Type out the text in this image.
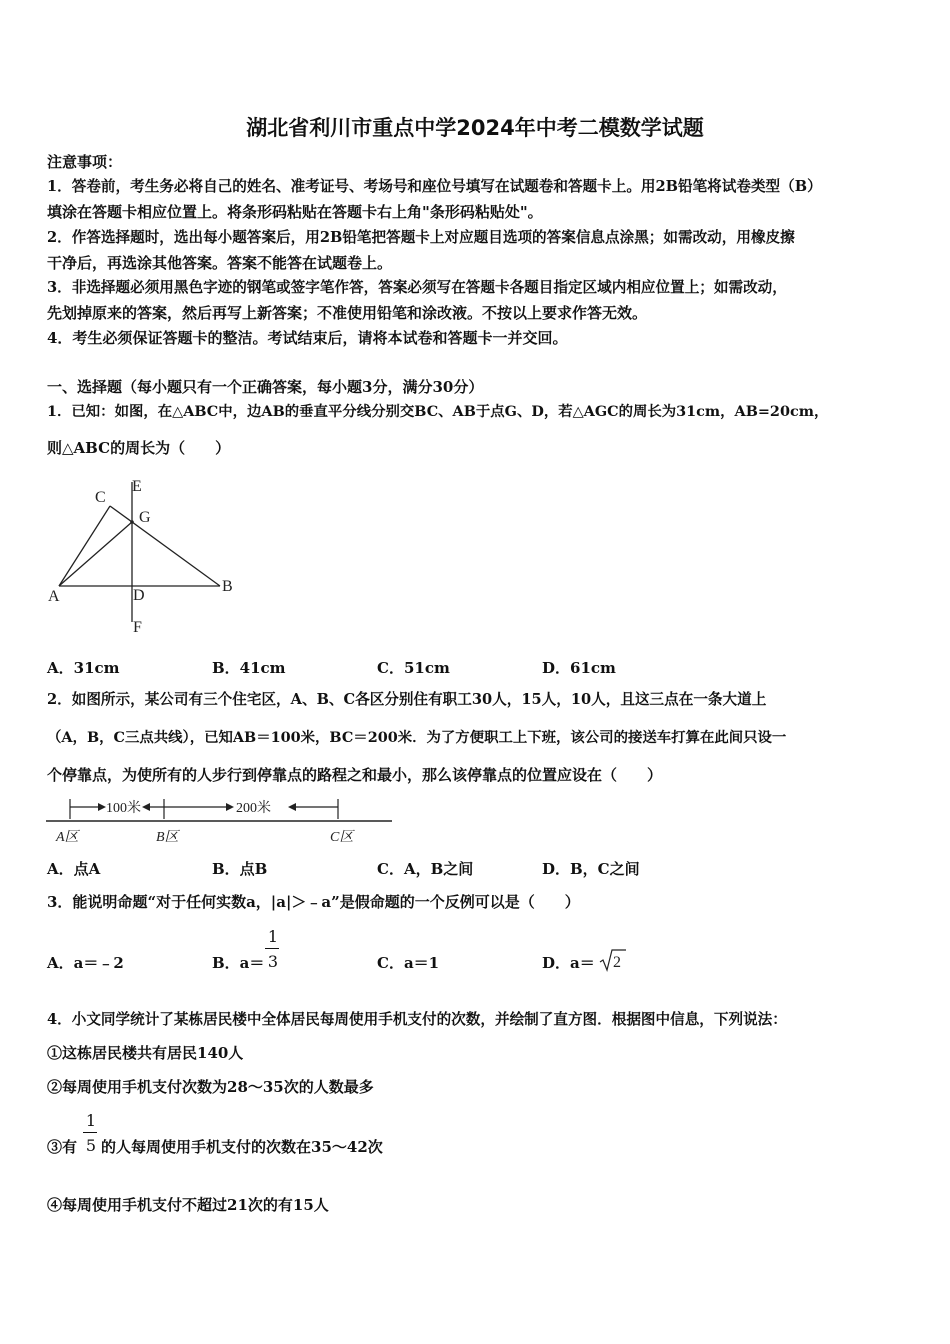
湖北省利川市重点中学2024年中考二模数学试题
注意事项：
1．答卷前，考生务必将自己的姓名、准考证号、考场号和座位号填写在试题卷和答题卡上。用2B铅笔将试卷类型（B）
填涂在答题卡相应位置上。将条形码粘贴在答题卡右上角"条形码粘贴处"。
2．作答选择题时，选出每小题答案后，用2B铅笔把答题卡上对应题目选项的答案信息点涂黑；如需改动，用橡皮擦
干净后，再选涂其他答案。答案不能答在试题卷上。
3．非选择题必须用黑色字迹的钢笔或签字笔作答，答案必须写在答题卡各题目指定区域内相应位置上；如需改动，
先划掉原来的答案，然后再写上新答案；不准使用铅笔和涂改液。不按以上要求作答无效。
4．考生必须保证答题卡的整洁。考试结束后，请将本试卷和答题卡一并交回。
一、选择题（每小题只有一个正确答案，每小题3分，满分30分）
1．已知：如图，在△ABC中，边AB的垂直平分线分别交BC、AB于点G、D，若△AGC的周长为31cm，AB=20cm，
则△ABC的周长为（　　）
C
E
G
A	D
B
F
A．31cm	B．41cm	C．51cm	D．61cm
2．如图所示，某公司有三个住宅区，A、B、C各区分别住有职工30人，15人，10人，且这三点在一条大道上
（A，B，C三点共线），已知AB＝100米，BC＝200米．为了方便职工上下班，该公司的接送车打算在此间只设一
个停靠点，为使所有的人步行到停靠点的路程之和最小，那么该停靠点的位置应设在（　　）
100米	200米
A区	B区	C区
A．点A	B．点B	C．A，B之间	D．B，C之间
3．能说明命题“对于任何实数a，|a|＞﹣a”是假命题的一个反例可以是（　　）
A．a＝﹣2	B．a＝
1
3	C．a＝1	D．a＝ 2
4．小文同学统计了某栋居民楼中全体居民每周使用手机支付的次数，并绘制了直方图．根据图中信息，下列说法：
①这栋居民楼共有居民140人
②每周使用手机支付次数为28～35次的人数最多
③有
1
5 的人每周使用手机支付的次数在35～42次
④每周使用手机支付不超过21次的有15人
